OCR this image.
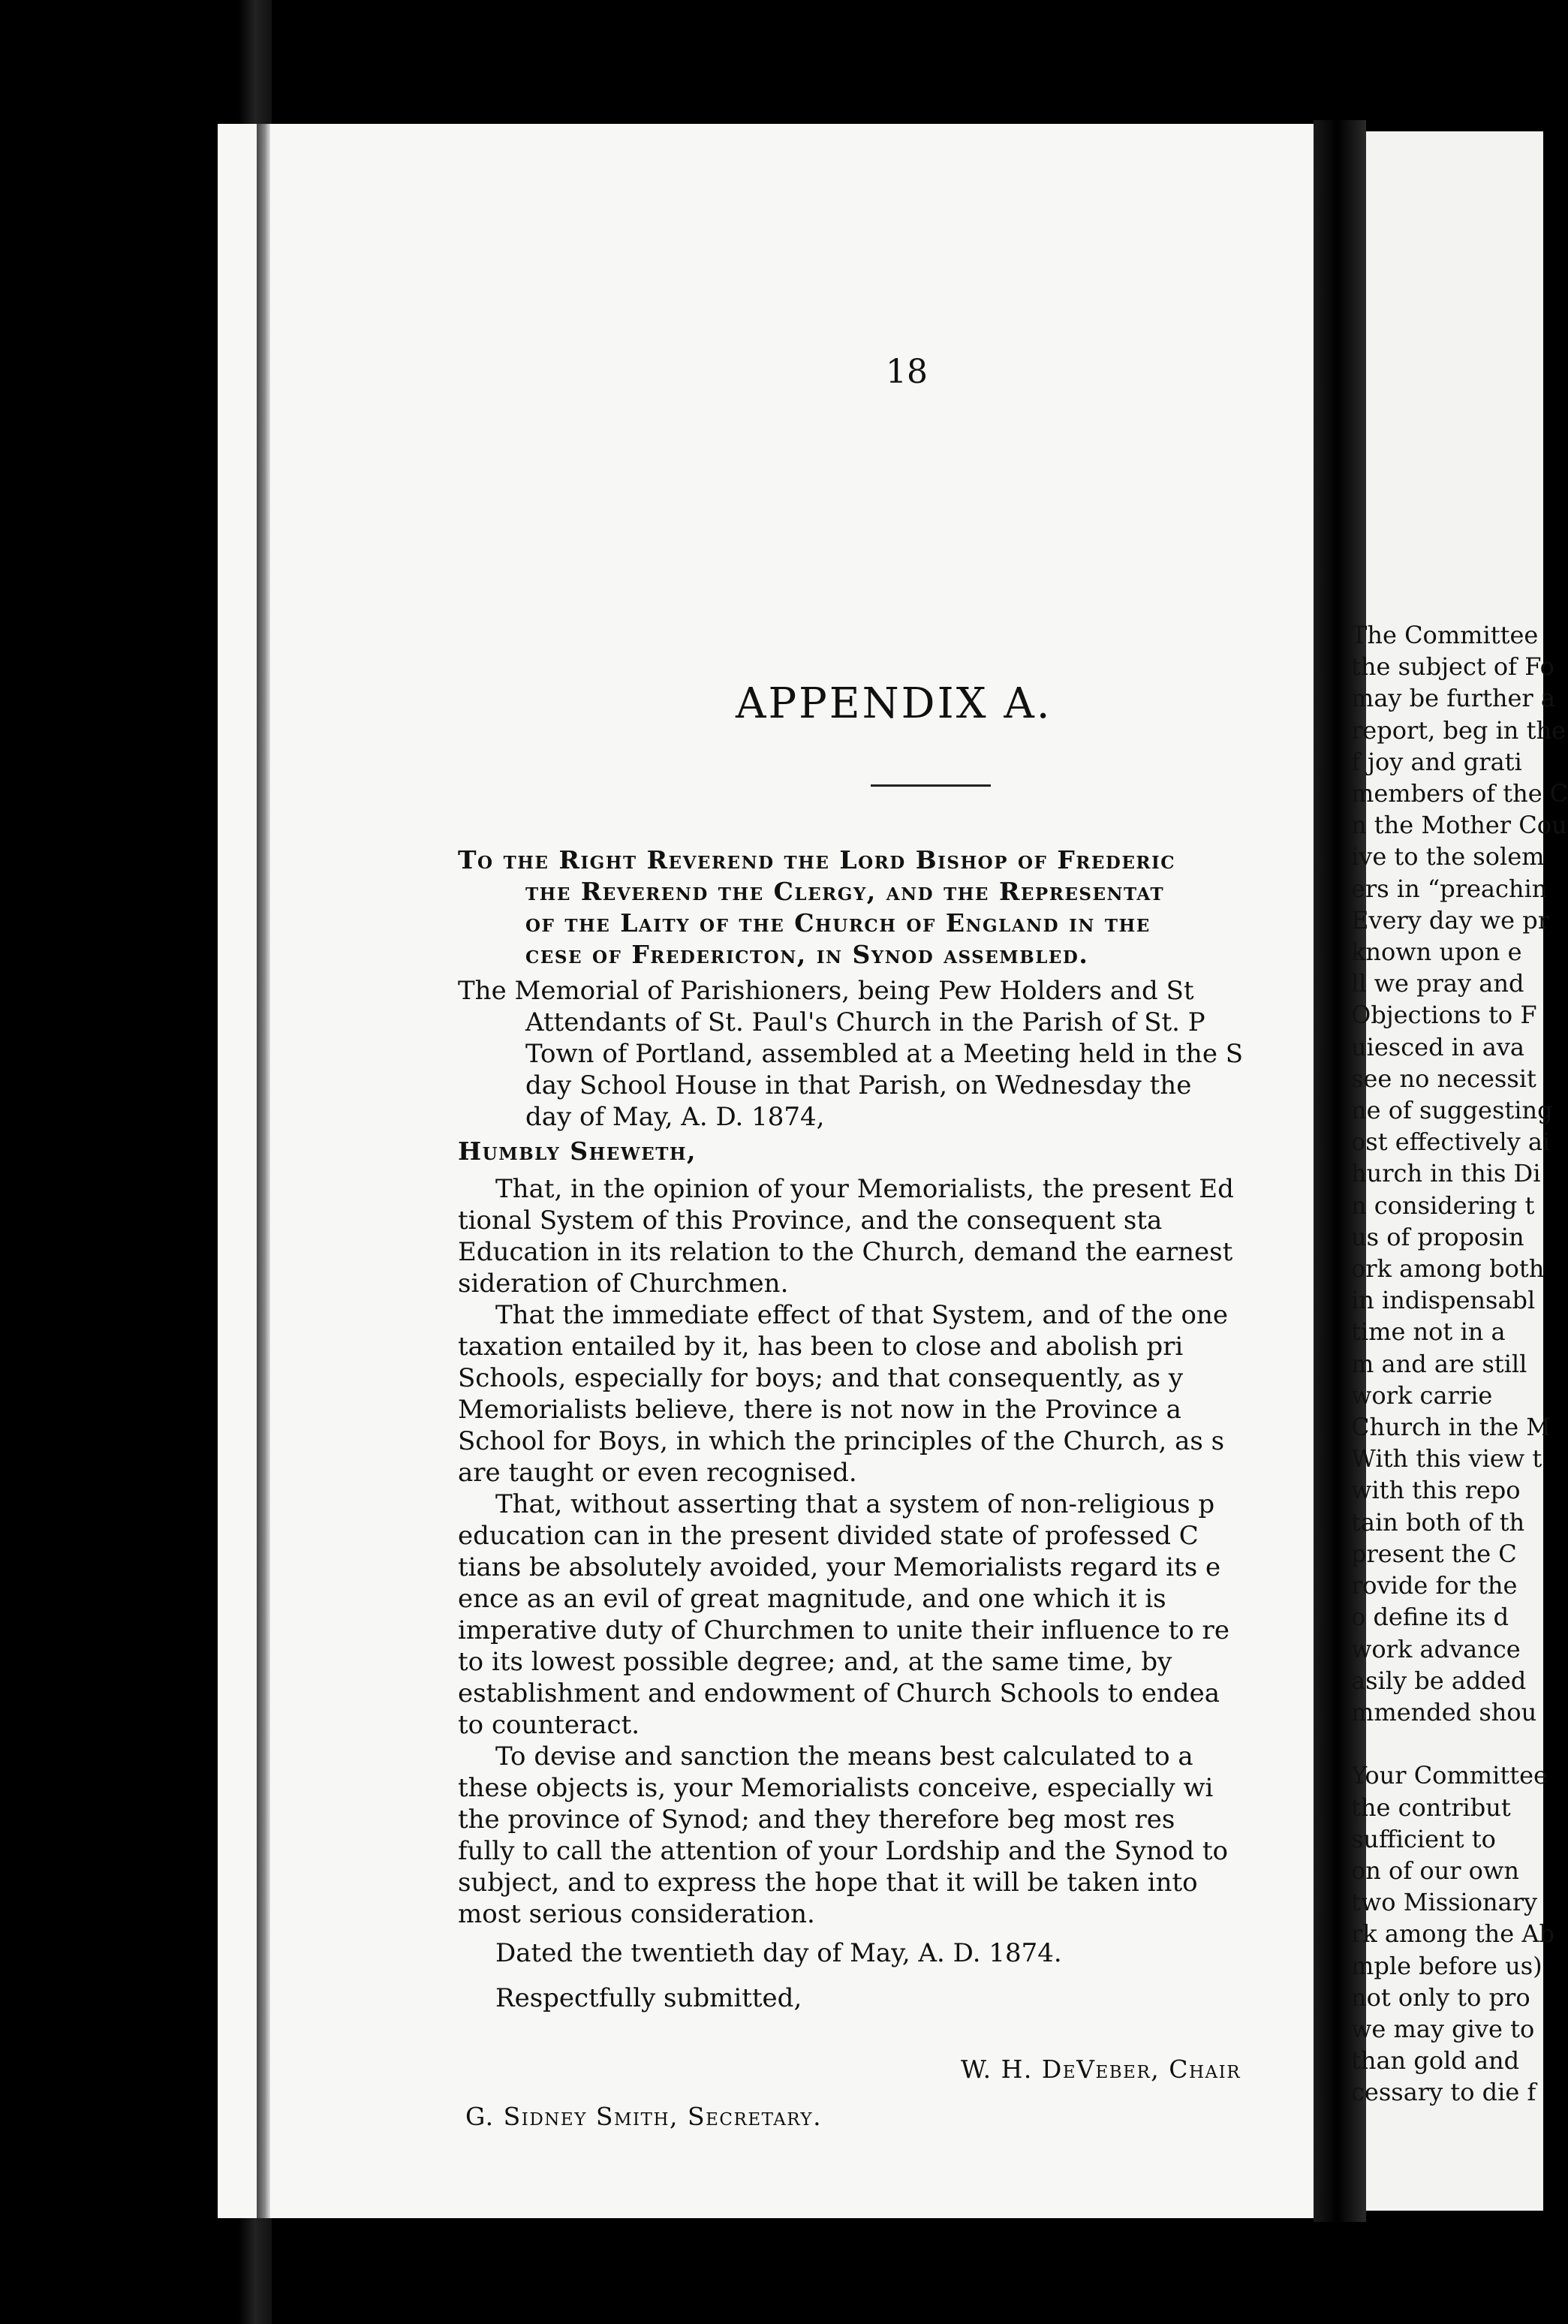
18
APPENDIX A.

To the Right Reverend the Lord Bishop of Frederic

the Reverend the Clergy, and the Representat

of the Laity of the Church of England in the

cese of Fredericton, in Synod assembled.

The Memorial of Parishioners, being Pew Holders and St

Attendants of St. Paul's Church in the Parish of St. P

Town of Portland, assembled at a Meeting held in the S

day School House in that Parish, on Wednesday the

day of May, A. D. 1874,

Humbly Sheweth,

That, in the opinion of your Memorialists, the present Ed

tional System of this Province, and the consequent sta

Education in its relation to the Church, demand the earnest

sideration of Churchmen.

That the immediate effect of that System, and of the one

taxation entailed by it, has been to close and abolish pri

Schools, especially for boys; and that consequently, as y

Memorialists believe, there is not now in the Province a

School for Boys, in which the principles of the Church, as s

are taught or even recognised.

That, without asserting that a system of non-religious p

education can in the present divided state of professed C

tians be absolutely avoided, your Memorialists regard its e

ence as an evil of great magnitude, and one which it is

imperative duty of Churchmen to unite their influence to re

to its lowest possible degree; and, at the same time, by

establishment and endowment of Church Schools to endea

to counteract.

To devise and sanction the means best calculated to a

these objects is, your Memorialists conceive, especially wi

the province of Synod; and they therefore beg most res

fully to call the attention of your Lordship and the Synod to

subject, and to express the hope that it will be taken into

most serious consideration.

Dated the twentieth day of May, A. D. 1874.

Respectfully submitted,

W. H. DeVeber, Chair
G. Sidney Smith, Secretary.
The Committee
the subject of Fo
may be further a
report, beg in the
f joy and grati
members of the C
n the Mother Cou
ive to the solem
ers in “preachin
Every day we pr
known upon e
ll we pray and
Objections to F
uiesced in ava
see no necessit
ne of suggesting
ost effectively ai
hurch in this Di
n considering t
us of proposin
ork among both
in indispensabl
time not in a
m and are still
work carrie
Church in the M
With this view t
with this repo
tain both of th
present the C
rovide for the
o define its d
work advance
asily be added
mmended shou

Your Committee
the contribut
sufficient to
on of our own
two Missionary
rk among the Ab
mple before us)
not only to pro
we may give to
than gold and
cessary to die f
